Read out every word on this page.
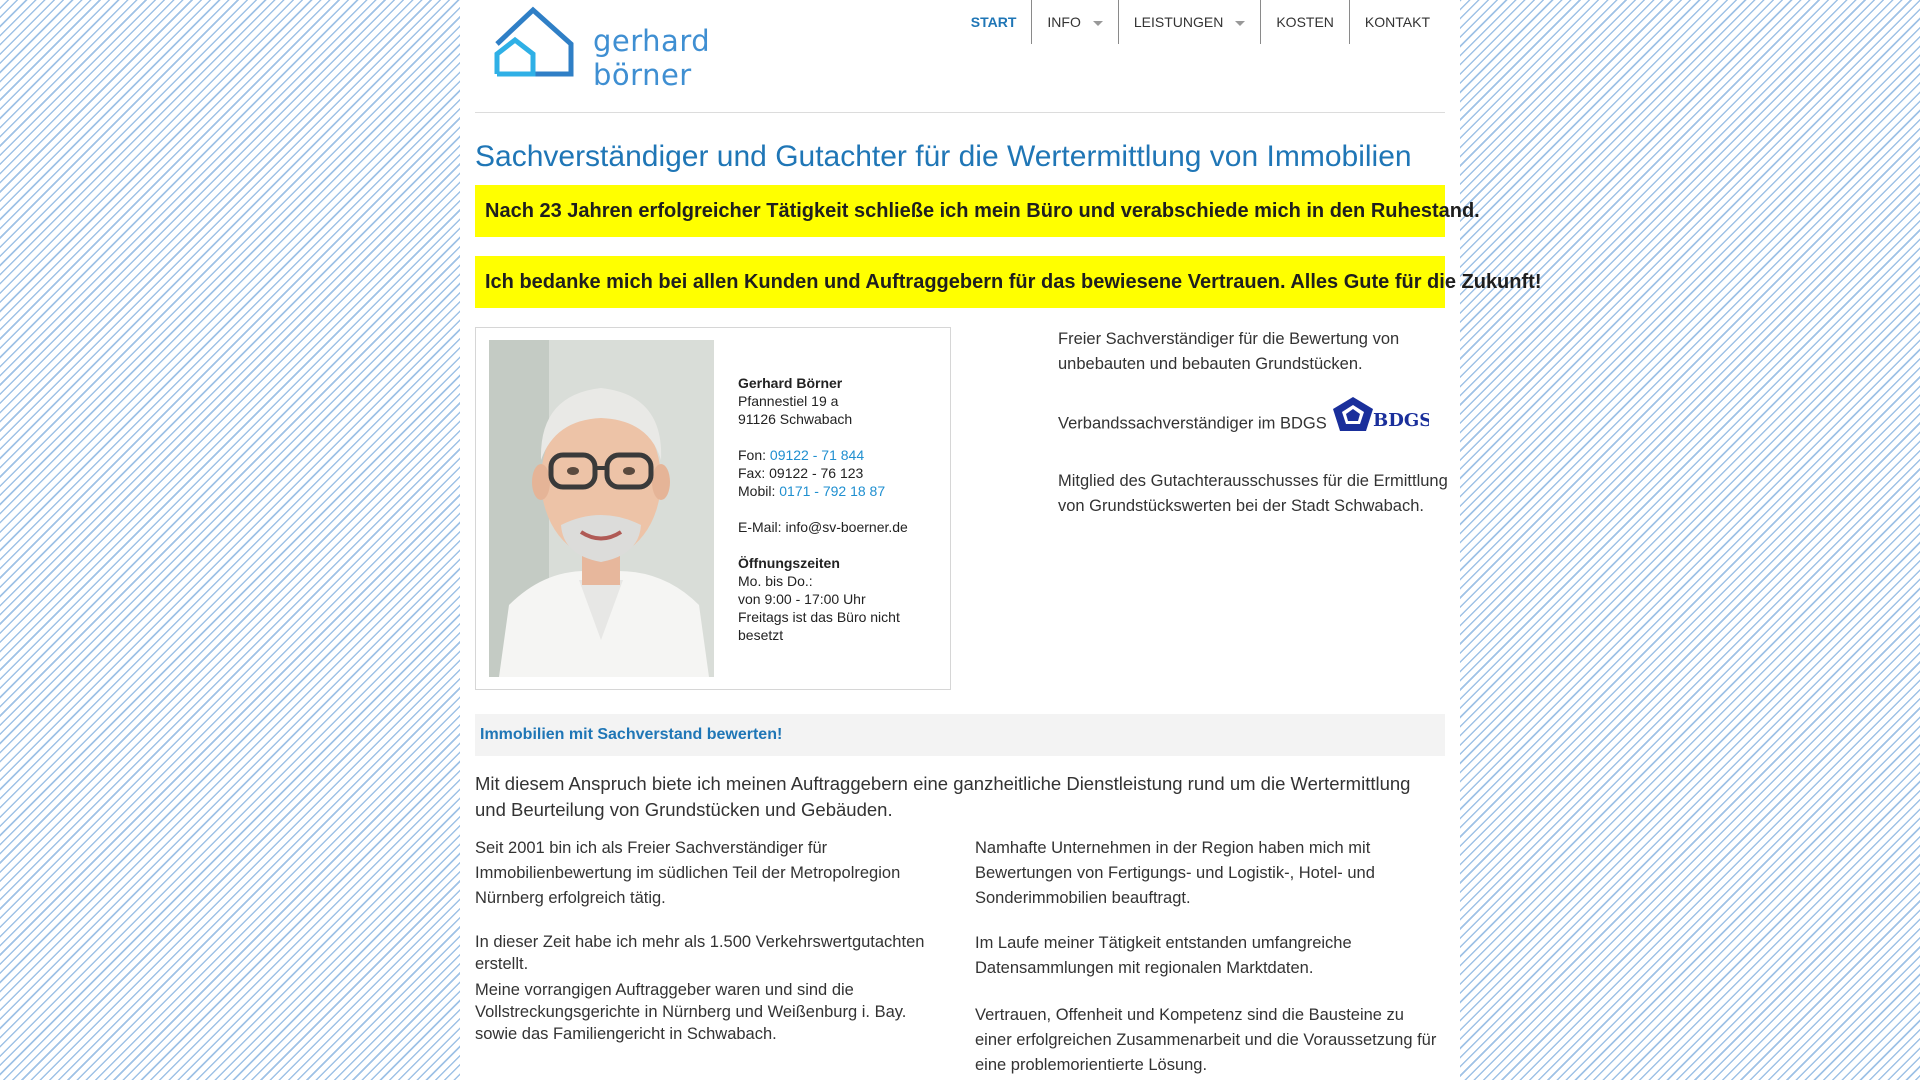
gerhard börner
START	INFO	LEISTUNGEN	KOSTEN	KONTAKT
Sachverständiger und Gutachter für die Wertermittlung von Immobilien
Nach 23 Jahren erfolgreicher Tätigkeit schließe ich mein Büro und verabschiede mich in den Ruhestand.
Ich bedanke mich bei allen Kunden und Auftraggebern für das bewiesene Vertrauen. Alles Gute für die Zukunft!
Gerhard Börner
Pfannestiel 19 a
91126 Schwabach
Fon: 09122 - 71 844
Fax: 09122 - 76 123
Mobil: 0171 - 792 18 87
E-Mail: info@sv-boerner.de
Öffnungszeiten
Mo. bis Do.:
von 9:00 - 17:00 Uhr
Freitags ist das Büro nicht besetzt
Freier Sachverständiger für die Bewertung von unbebauten und bebauten Grundstücken.
Verbandssachverständiger im BDGS	BDGS
Mitglied des Gutachterausschusses für die Ermittlung von Grundstückswerten bei der Stadt Schwabach.
Immobilien mit Sachverstand bewerten!
Mit diesem Anspruch biete ich meinen Auftraggebern eine ganzheitliche Dienstleistung rund um die Wertermittlung und Beurteilung von Grundstücken und Gebäuden.

Seit 2001 bin ich als Freier Sachverständiger für Immobilienbewertung im südlichen Teil der Metropolregion Nürnberg erfolgreich tätig.

In dieser Zeit habe ich mehr als 1.500 Verkehrswertgutachten erstellt.

Meine vorrangigen Auftraggeber waren und sind die Vollstreckungsgerichte in Nürnberg und Weißenburg i. Bay. sowie das Familiengericht in Schwabach.

Namhafte Unternehmen in der Region haben mich mit Bewertungen von Fertigungs- und Logistik-, Hotel- und Sonderimmobilien beauftragt.

Im Laufe meiner Tätigkeit entstanden umfangreiche Datensammlungen mit regionalen Marktdaten.

Vertrauen, Offenheit und Kompetenz sind die Bausteine zu einer erfolgreichen Zusammenarbeit und die Voraussetzung für eine problemorientierte Lösung.
